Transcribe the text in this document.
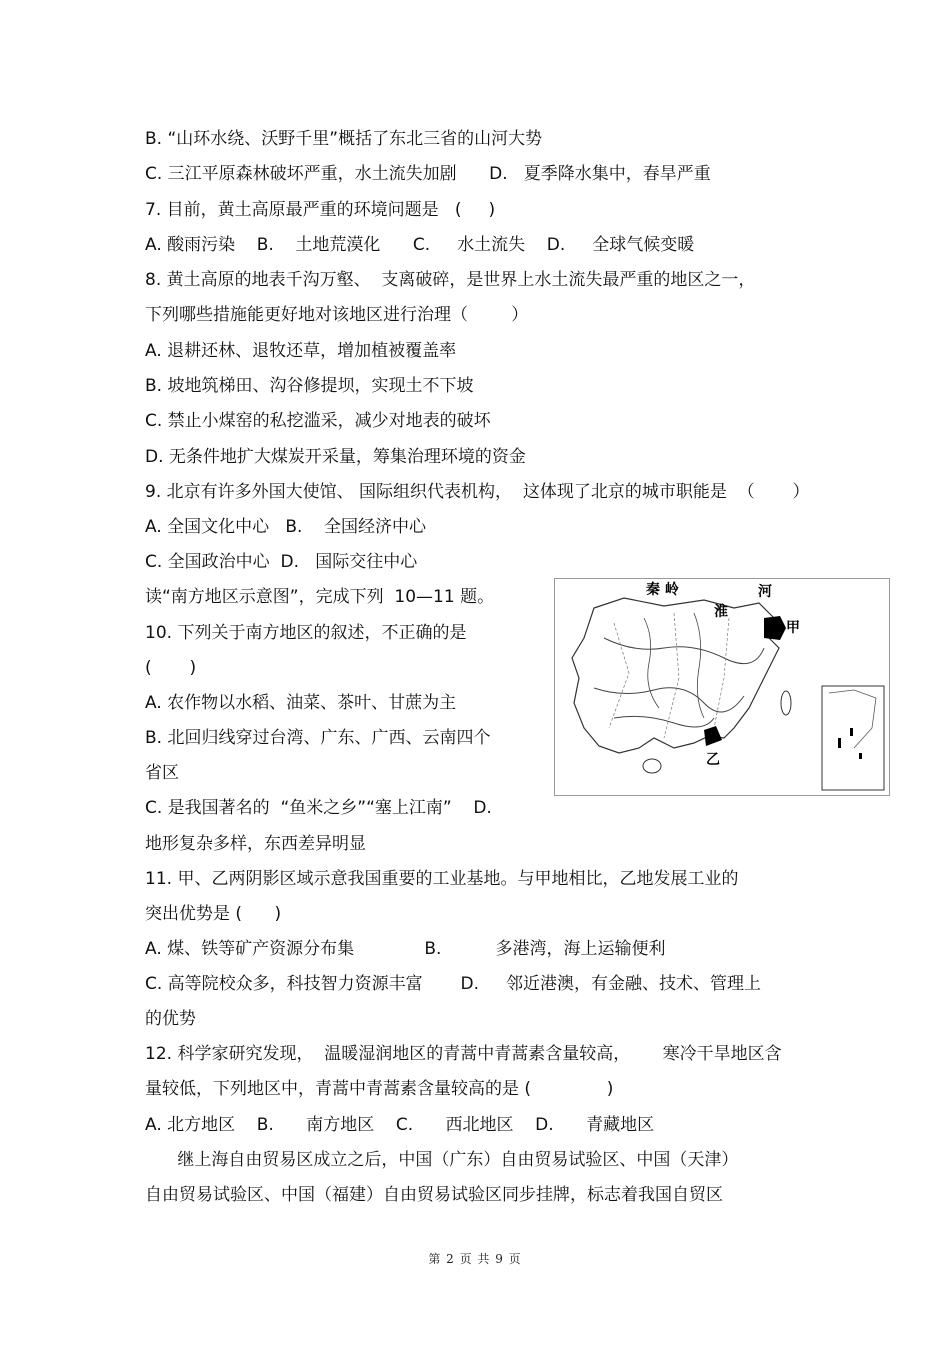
B. “山环水绕、沃野千里”概括了东北三省的山河大势
C. 三江平原森林破坏严重，水土流失加剧      D.   夏季降水集中，春旱严重
7. 目前，黄土高原最严重的环境问题是   (     )
A. 酸雨污染    B.    土地荒漠化      C.     水土流失    D.     全球气候变暖
8. 黄土高原的地表千沟万壑、  支离破碎，是世界上水土流失最严重的地区之一，
下列哪些措施能更好地对该地区进行治理（        ）
A. 退耕还林、退牧还草，增加植被覆盖率
B. 坡地筑梯田、沟谷修提坝，实现土不下坡
C. 禁止小煤窑的私挖滥采，减少对地表的破坏
D. 无条件地扩大煤炭开采量，筹集治理环境的资金
9. 北京有许多外国大使馆、 国际组织代表机构，  这体现了北京的城市职能是  （       ）
A. 全国文化中心   B.    全国经济中心
C. 全国政治中心  D.   国际交往中心
读“南方地区示意图”，完成下列  10—11 题。
10. 下列关于南方地区的叙述，不正确的是
(       )
A. 农作物以水稻、油菜、茶叶、甘蔗为主
B. 北回归线穿过台湾、广东、广西、云南四个
省区
C. 是我国著名的  “鱼米之乡”“塞上江南”    D.
地形复杂多样，东西差异明显
11. 甲、乙两阴影区域示意我国重要的工业基地。与甲地相比，乙地发展工业的
突出优势是 (      )
A. 煤、铁等矿产资源分布集             B.          多港湾，海上运输便利
C. 高等院校众多，科技智力资源丰富       D.     邻近港澳，有金融、技术、管理上
的优势
12. 科学家研究发现，  温暖湿润地区的青蒿中青蒿素含量较高，      寒冷干旱地区含
量较低，下列地区中，青蒿中青蒿素含量较高的是 (              )
A. 北方地区    B.      南方地区    C.      西北地区    D.      青藏地区
继上海自由贸易区成立之后，中国（广东）自由贸易试验区、中国（天津）
自由贸易试验区、中国（福建）自由贸易试验区同步挂牌，标志着我国自贸区
秦 岭	河
淮
甲
乙
第 2 页 共 9 页
